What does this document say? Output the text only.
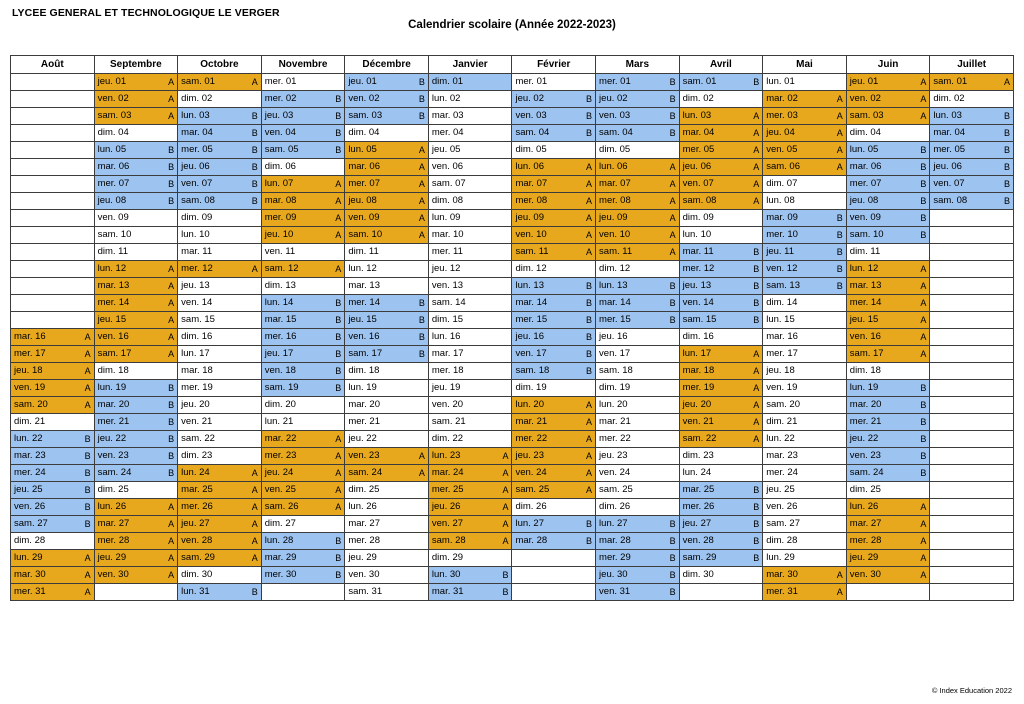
LYCEE GENERAL ET TECHNOLOGIQUE LE VERGER
Calendrier scolaire (Année 2022-2023)
Août	Septembre	Octobre	Novembre	Décembre	Janvier	Février	Mars	Avril	Mai	Juin	Juillet

	jeu. 01 A	sam. 01 A	mer. 01	jeu. 01 B	dim. 01	mer. 01	mer. 01 B	sam. 01 B	lun. 01	jeu. 01 A	sam. 01 A

	ven. 02 A	dim. 02	mer. 02 B	ven. 02 B	lun. 02	jeu. 02 B	jeu. 02 B	dim. 02	mar. 02 A	ven. 02 A	dim. 02

	sam. 03 A	lun. 03 B	jeu. 03 B	sam. 03 B	mar. 03	ven. 03 B	ven. 03 B	lun. 03 A	mer. 03 A	sam. 03 A	lun. 03 B

	dim. 04	mar. 04 B	ven. 04 B	dim. 04	mer. 04	sam. 04 B	sam. 04 B	mar. 04 A	jeu. 04 A	dim. 04	mar. 04 B

	lun. 05 B	mer. 05 B	sam. 05 B	lun. 05 A	jeu. 05	dim. 05	dim. 05	mer. 05 A	ven. 05 A	lun. 05 B	mer. 05 B

	mar. 06 B	jeu. 06 B	dim. 06	mar. 06 A	ven. 06	lun. 06 A	lun. 06 A	jeu. 06 A	sam. 06 A	mar. 06 B	jeu. 06 B

	mer. 07 B	ven. 07 B	lun. 07 A	mer. 07 A	sam. 07	mar. 07 A	mar. 07 A	ven. 07 A	dim. 07	mer. 07 B	ven. 07 B

	jeu. 08 B	sam. 08 B	mar. 08 A	jeu. 08 A	dim. 08	mer. 08 A	mer. 08 A	sam. 08 A	lun. 08	jeu. 08 B	sam. 08 B

	ven. 09	dim. 09	mer. 09 A	ven. 09 A	lun. 09	jeu. 09 A	jeu. 09 A	dim. 09	mar. 09 B	ven. 09 B	

	sam. 10	lun. 10	jeu. 10 A	sam. 10 A	mar. 10	ven. 10 A	ven. 10 A	lun. 10	mer. 10 B	sam. 10 B	

	dim. 11	mar. 11	ven. 11	dim. 11	mer. 11	sam. 11 A	sam. 11 A	mar. 11 B	jeu. 11 B	dim. 11	

	lun. 12 A	mer. 12 A	sam. 12 A	lun. 12	jeu. 12	dim. 12	dim. 12	mer. 12 B	ven. 12 B	lun. 12 A	

	mar. 13 A	jeu. 13	dim. 13	mar. 13	ven. 13	lun. 13 B	lun. 13 B	jeu. 13 B	sam. 13 B	mar. 13 A	

	mer. 14 A	ven. 14	lun. 14 B	mer. 14 B	sam. 14	mar. 14 B	mar. 14 B	ven. 14 B	dim. 14	mer. 14 A	

	jeu. 15 A	sam. 15	mar. 15 B	jeu. 15 B	dim. 15	mer. 15 B	mer. 15 B	sam. 15 B	lun. 15	jeu. 15 A	

mar. 16 A	ven. 16 A	dim. 16	mer. 16 B	ven. 16 B	lun. 16	jeu. 16 B	jeu. 16	dim. 16	mar. 16	ven. 16 A	

mer. 17 A	sam. 17 A	lun. 17	jeu. 17 B	sam. 17 B	mar. 17	ven. 17 B	ven. 17	lun. 17 A	mer. 17	sam. 17 A	

jeu. 18 A	dim. 18	mar. 18	ven. 18 B	dim. 18	mer. 18	sam. 18 B	sam. 18	mar. 18 A	jeu. 18	dim. 18	

ven. 19 A	lun. 19 B	mer. 19	sam. 19 B	lun. 19	jeu. 19	dim. 19	dim. 19	mer. 19 A	ven. 19	lun. 19 B	

sam. 20 A	mar. 20 B	jeu. 20	dim. 20	mar. 20	ven. 20	lun. 20 A	lun. 20	jeu. 20 A	sam. 20	mar. 20 B	

dim. 21	mer. 21 B	ven. 21	lun. 21	mer. 21	sam. 21	mar. 21 A	mar. 21	ven. 21 A	dim. 21	mer. 21 B	

lun. 22 B	jeu. 22 B	sam. 22	mar. 22 A	jeu. 22	dim. 22	mer. 22 A	mer. 22	sam. 22 A	lun. 22	jeu. 22 B	

mar. 23 B	ven. 23 B	dim. 23	mer. 23 A	ven. 23 A	lun. 23 A	jeu. 23 A	jeu. 23	dim. 23	mar. 23	ven. 23 B	

mer. 24 B	sam. 24 B	lun. 24 A	jeu. 24 A	sam. 24 A	mar. 24 A	ven. 24 A	ven. 24	lun. 24	mer. 24	sam. 24 B	

jeu. 25 B	dim. 25	mar. 25 A	ven. 25 A	dim. 25	mer. 25 A	sam. 25 A	sam. 25	mar. 25 B	jeu. 25	dim. 25	

ven. 26 B	lun. 26 A	mer. 26 A	sam. 26 A	lun. 26	jeu. 26 A	dim. 26	dim. 26	mer. 26 B	ven. 26	lun. 26 A	

sam. 27 B	mar. 27 A	jeu. 27 A	dim. 27	mar. 27	ven. 27 A	lun. 27 B	lun. 27 B	jeu. 27 B	sam. 27	mar. 27 A	

dim. 28	mer. 28 A	ven. 28 A	lun. 28 B	mer. 28	sam. 28 A	mar. 28 B	mar. 28 B	ven. 28 B	dim. 28	mer. 28 A	

lun. 29 A	jeu. 29 A	sam. 29 A	mar. 29 B	jeu. 29	dim. 29		mer. 29 B	sam. 29 B	lun. 29	jeu. 29 A	

mar. 30 A	ven. 30 A	dim. 30	mer. 30 B	ven. 30	lun. 30 B		jeu. 30 B	dim. 30	mar. 30 A	ven. 30 A	

mer. 31 A		lun. 31 B		sam. 31	mar. 31 B		ven. 31 B		mer. 31 A		

© Index Education 2022
